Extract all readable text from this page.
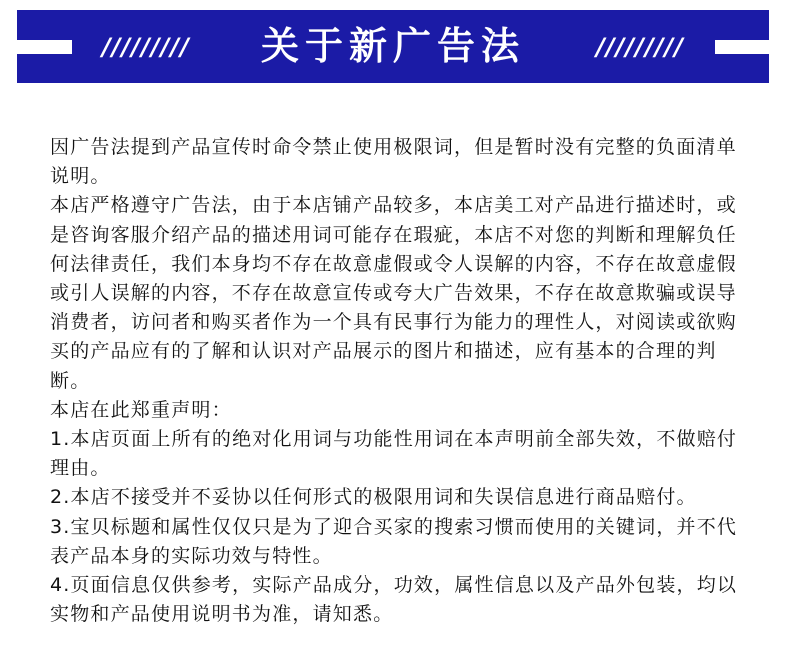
/////////	关于新广告法	/////////

因广告法提到产品宣传时命令禁止使用极限词，但是暂时没有完整的负面清单说明。

本店严格遵守广告法，由于本店铺产品较多，本店美工对产品进行描述时，或是咨询客服介绍产品的描述用词可能存在瑕疵，本店不对您的判断和理解负任何法律责任，我们本身均不存在故意虚假或令人误解的内容，不存在故意虚假或引人误解的内容，不存在故意宣传或夸大广告效果，不存在故意欺骗或误导消费者，访问者和购买者作为一个具有民事行为能力的理性人，对阅读或欲购买的产品应有的了解和认识对产品展示的图片和描述，应有基本的合理的判断。

本店在此郑重声明：

1.本店页面上所有的绝对化用词与功能性用词在本声明前全部失效，不做赔付理由。

2.本店不接受并不妥协以任何形式的极限用词和失误信息进行商品赔付。

3.宝贝标题和属性仅仅只是为了迎合买家的搜索习惯而使用的关键词，并不代表产品本身的实际功效与特性。

4.页面信息仅供参考，实际产品成分，功效，属性信息以及产品外包装，均以实物和产品使用说明书为准，请知悉。
